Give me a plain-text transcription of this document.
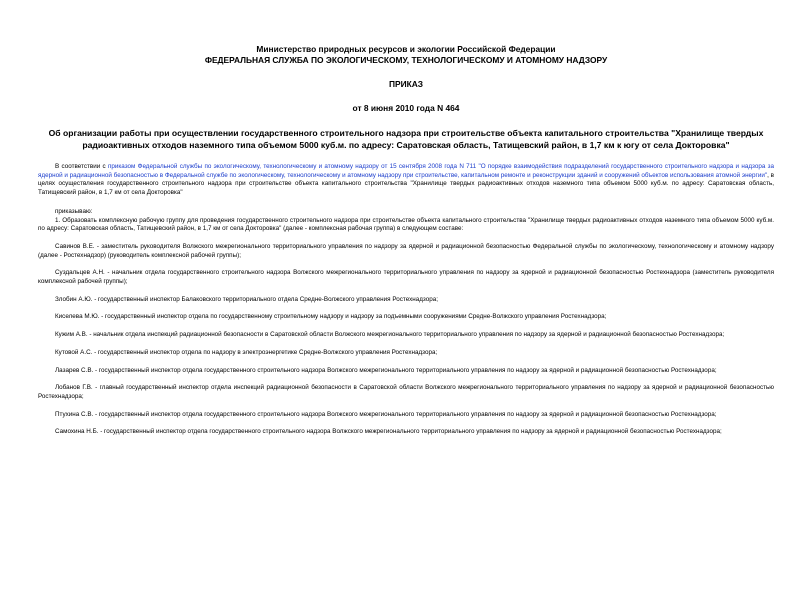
Министерство природных ресурсов и экологии Российской Федерации
ФЕДЕРАЛЬНАЯ СЛУЖБА ПО ЭКОЛОГИЧЕСКОМУ, ТЕХНОЛОГИЧЕСКОМУ И АТОМНОМУ НАДЗОРУ
ПРИКАЗ
от 8 июня 2010 года N 464
Об организации работы при осуществлении государственного строительного надзора при строительстве объекта капитального строительства "Хранилище твердых радиоактивных отходов наземного типа объемом 5000 куб.м. по адресу: Саратовская область, Татищевский район, в 1,7 км к югу от села Докторовка"
В соответствии с приказом Федеральной службы по экологическому, технологическому и атомному надзору от 15 сентября 2008 года N 711 "О порядке взаимодействия подразделений государственного строительного надзора и надзора за ядерной и радиационной безопасностью в Федеральной службе по экологическому, технологическому и атомному надзору при строительстве, капитальном ремонте и реконструкции зданий и сооружений объектов использования атомной энергии", в целях осуществления государственного строительного надзора при строительстве объекта капитального строительства "Хранилище твердых радиоактивных отходов наземного типа объемом 5000 куб.м. по адресу: Саратовская область, Татищевский район, в 1,7 км от села Докторовка"
приказываю:
1. Образовать комплексную рабочую группу для проведения государственного строительного надзора при строительстве объекта капитального строительства "Хранилище твердых радиоактивных отходов наземного типа объемом 5000 куб.м. по адресу: Саратовская область, Татищевский район, в 1,7 км от села Докторовка" (далее - комплексная рабочая группа) в следующем составе:
Савинов В.Е. - заместитель руководителя Волжского межрегионального территориального управления по надзору за ядерной и радиационной безопасностью Федеральной службы по экологическому, технологическому и атомному надзору (далее - Ростехнадзор) (руководитель комплексной рабочей группы);
Суздальцев А.Н. - начальник отдела государственного строительного надзора Волжского межрегионального территориального управления по надзору за ядерной и радиационной безопасностью Ростехнадзора (заместитель руководителя комплексной рабочей группы);
Злобин А.Ю. - государственный инспектор Балаковского территориального отдела Средне-Волжского управления Ростехнадзора;
Киселева М.Ю. - государственный инспектор отдела по государственному строительному надзору и надзору за подъемными сооружениями Средне-Волжского управления Ростехнадзора;
Кужим А.В. - начальник отдела инспекций радиационной безопасности в Саратовской области Волжского межрегионального территориального управления по надзору за ядерной и радиационной безопасностью Ростехнадзора;
Кутовой А.С. - государственный инспектор отдела по надзору в электроэнергетике Средне-Волжского управления Ростехнадзора;
Лазарев С.В. - государственный инспектор отдела государственного строительного надзора Волжского межрегионального территориального управления по надзору за ядерной и радиационной безопасностью Ростехнадзора;
Лобанов Г.В. - главный государственный инспектор отдела инспекций радиационной безопасности в Саратовской области Волжского межрегионального территориального управления по надзору за ядерной и радиационной безопасностью Ростехнадзора;
Птухина С.В. - государственный инспектор отдела государственного строительного надзора Волжского межрегионального территориального управления по надзору за ядерной и радиационной безопасностью Ростехнадзора;
Самохина Н.Б. - государственный инспектор отдела государственного строительного надзора Волжского межрегионального территориального управления по надзору за ядерной и радиационной безопасностью Ростехнадзора;
